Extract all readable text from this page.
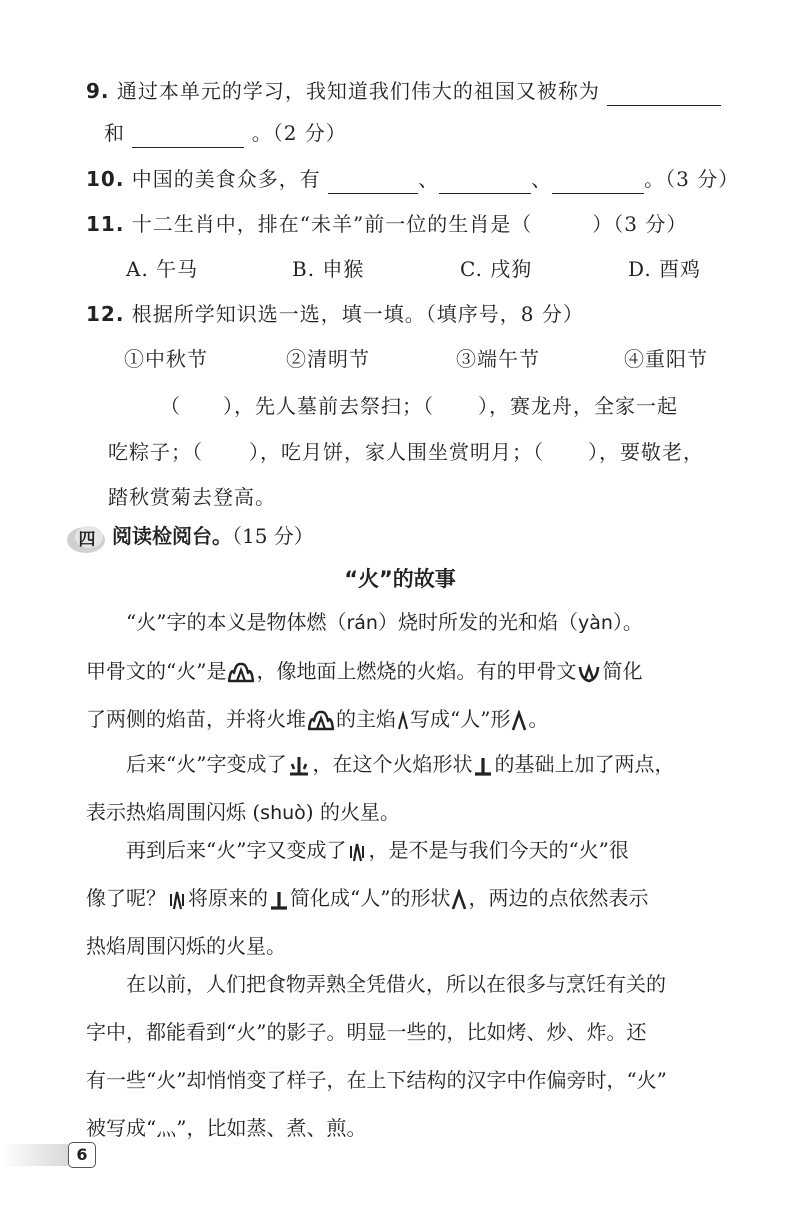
9. 通过本单元的学习，我知道我们伟大的祖国又被称为
和	。（2 分）
10. 中国的美食众多，有	、	、	。（3 分）
11. 十二生肖中，排在“未羊”前一位的生肖是（	）（3 分）
A. 午马	B. 申猴	C. 戌狗	D. 酉鸡
12. 根据所学知识选一选，填一填。（填序号，8 分）
①中秋节	②清明节	③端午节	④重阳节
（ ），先人墓前去祭扫；（ ），赛龙舟，全家一起
吃粽子；（ ），吃月饼，家人围坐赏明月；（ ），要敬老，
踏秋赏菊去登高。
四 阅读检阅台。（15 分）
“火”的故事

“火”字的本义是物体燃（rán）烧时所发的光和焰（yàn）。

甲骨文的“火”是 ，像地面上燃烧的火焰。有的甲骨文 简化

了两侧的焰苗，并将火堆 的主焰 写成“人”形 。

后来“火”字变成了 ，在这个火焰形状 的基础上加了两点，

表示热焰周围闪烁 (shuò) 的火星。

再到后来“火”字又变成了 ，是不是与我们今天的“火”很

像了呢？ 将原来的 简化成“人”的形状 ，两边的点依然表示

热焰周围闪烁的火星。

在以前，人们把食物弄熟全凭借火，所以在很多与烹饪有关的

字中，都能看到“火”的影子。明显一些的，比如烤、炒、炸。还

有一些“火”却悄悄变了样子，在上下结构的汉字中作偏旁时，“火”

被写成“灬”，比如蒸、煮、煎。

6
